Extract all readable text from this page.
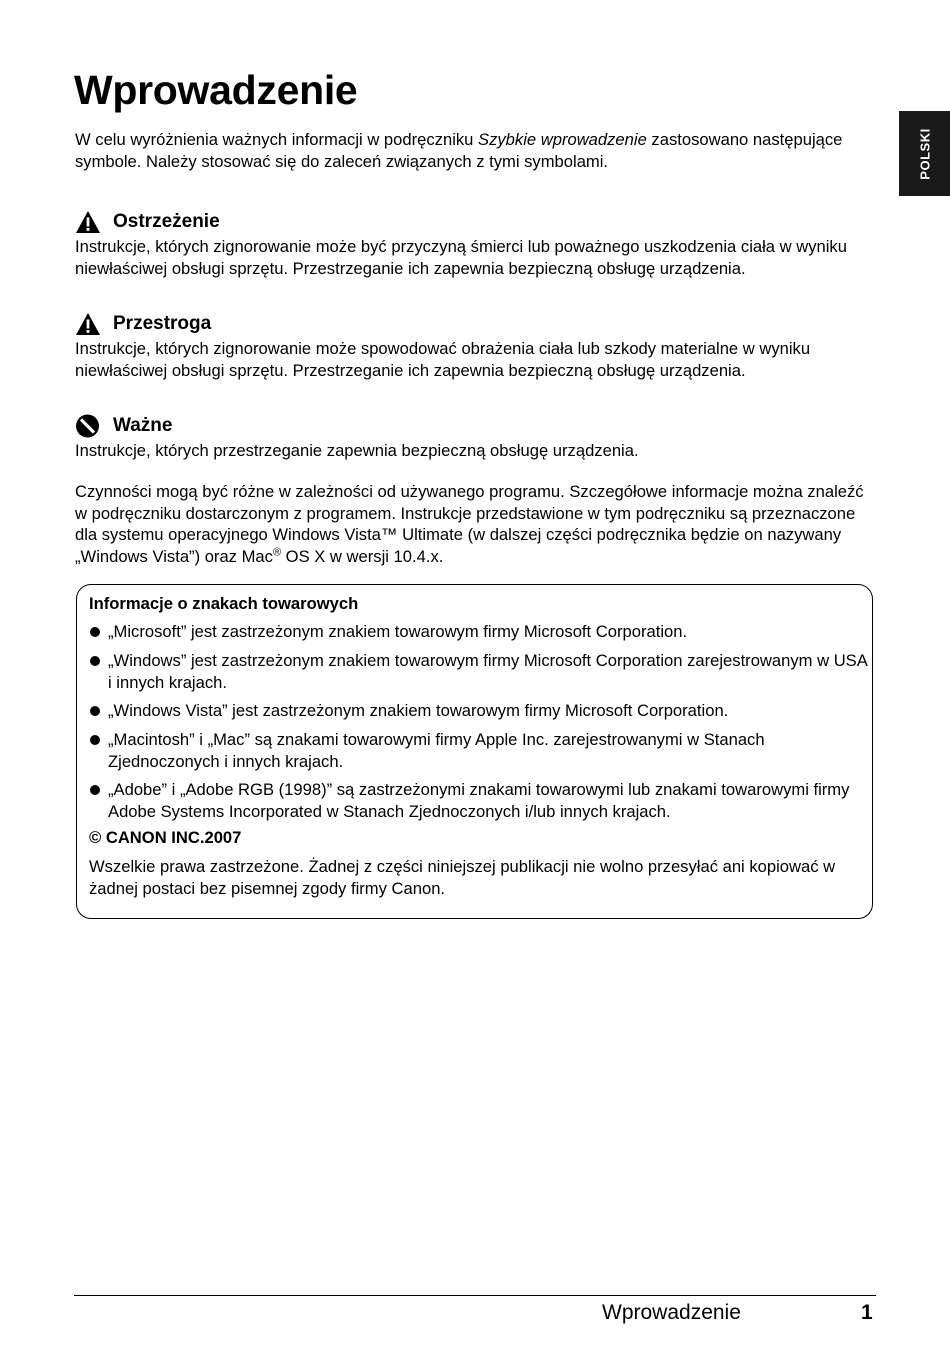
Wprowadzenie
POLSKI

W celu wyróżnienia ważnych informacji w podręczniku Szybkie wprowadzenie zastosowano następujące symbole. Należy stosować się do zaleceń związanych z tymi symbolami.

Ostrzeżenie

Instrukcje, których zignorowanie może być przyczyną śmierci lub poważnego uszkodzenia ciała w wyniku niewłaściwej obsługi sprzętu. Przestrzeganie ich zapewnia bezpieczną obsługę urządzenia.

Przestroga

Instrukcje, których zignorowanie może spowodować obrażenia ciała lub szkody materialne w wyniku niewłaściwej obsługi sprzętu. Przestrzeganie ich zapewnia bezpieczną obsługę urządzenia.

Ważne

Instrukcje, których przestrzeganie zapewnia bezpieczną obsługę urządzenia.

Czynności mogą być różne w zależności od używanego programu. Szczegółowe informacje można znaleźć w podręczniku dostarczonym z programem. Instrukcje przedstawione w tym podręczniku są przeznaczone dla systemu operacyjnego Windows Vista™ Ultimate (w dalszej części podręcznika będzie on nazywany „Windows Vista”) oraz Mac® OS X w wersji 10.4.x.

Informacje o znakach towarowych
„Microsoft” jest zastrzeżonym znakiem towarowym firmy Microsoft Corporation.
„Windows” jest zastrzeżonym znakiem towarowym firmy Microsoft Corporation zarejestrowanym w USA i innych krajach.
„Windows Vista” jest zastrzeżonym znakiem towarowym firmy Microsoft Corporation.
„Macintosh” i „Mac” są znakami towarowymi firmy Apple Inc. zarejestrowanymi w Stanach Zjednoczonych i innych krajach.
„Adobe” i „Adobe RGB (1998)” są zastrzeżonymi znakami towarowymi lub znakami towarowymi firmy Adobe Systems Incorporated w Stanach Zjednoczonych i/lub innych krajach.
© CANON INC.2007

Wszelkie prawa zastrzeżone. Żadnej z części niniejszej publikacji nie wolno przesyłać ani kopiować w żadnej postaci bez pisemnej zgody firmy Canon.

Wprowadzenie	1
